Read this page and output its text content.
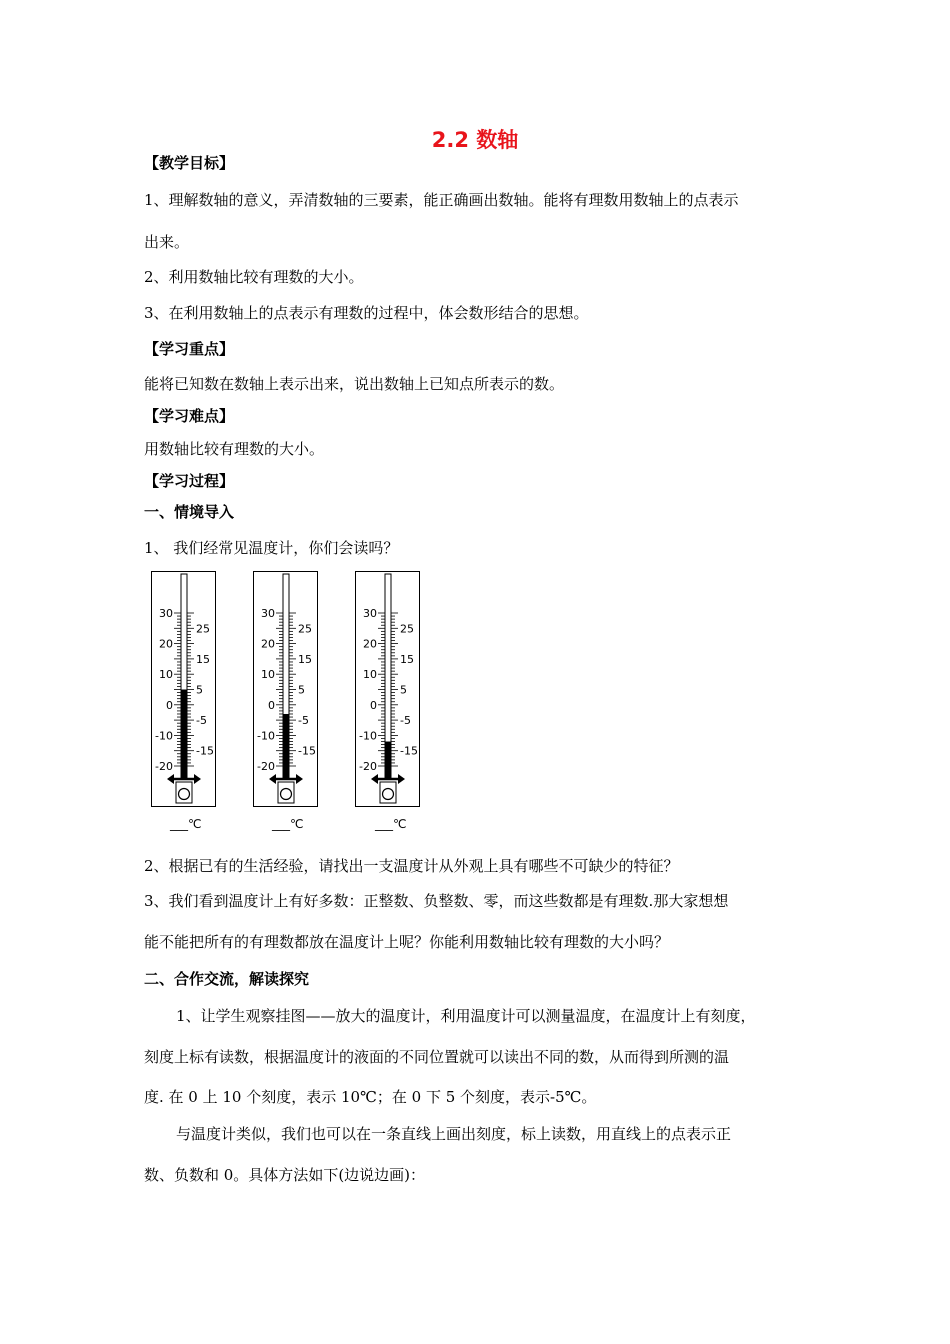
2.2 数轴
【教学目标】
1、理解数轴的意义，弄清数轴的三要素，能正确画出数轴。能将有理数用数轴上的点表示
出来。
2、利用数轴比较有理数的大小。
3、在利用数轴上的点表示有理数的过程中，体会数形结合的思想。
【学习重点】
能将已知数在数轴上表示出来，说出数轴上已知点所表示的数。
【学习难点】
用数轴比较有理数的大小。
【学习过程】
一、情境导入
1、 我们经常见温度计，你们会读吗？
30
20
10
0
-10
-20
25
15
5
-5
-15
30
20
10
0
-10
-20
25
15
5
-5
-15
30
20
10
0
-10
-20
25
15
5
-5
-15
___℃	___℃	___℃
2、根据已有的生活经验，请找出一支温度计从外观上具有哪些不可缺少的特征？
3、我们看到温度计上有好多数：正整数、负整数、零，而这些数都是有理数.那大家想想
能不能把所有的有理数都放在温度计上呢？你能利用数轴比较有理数的大小吗？
二、合作交流，解读探究
1、让学生观察挂图——放大的温度计，利用温度计可以测量温度，在温度计上有刻度，
刻度上标有读数，根据温度计的液面的不同位置就可以读出不同的数，从而得到所测的温
度. 在 0 上 10 个刻度，表示 10℃；在 0 下 5 个刻度，表示-5℃。
与温度计类似，我们也可以在一条直线上画出刻度，标上读数，用直线上的点表示正
数、负数和 0。具体方法如下(边说边画)：
